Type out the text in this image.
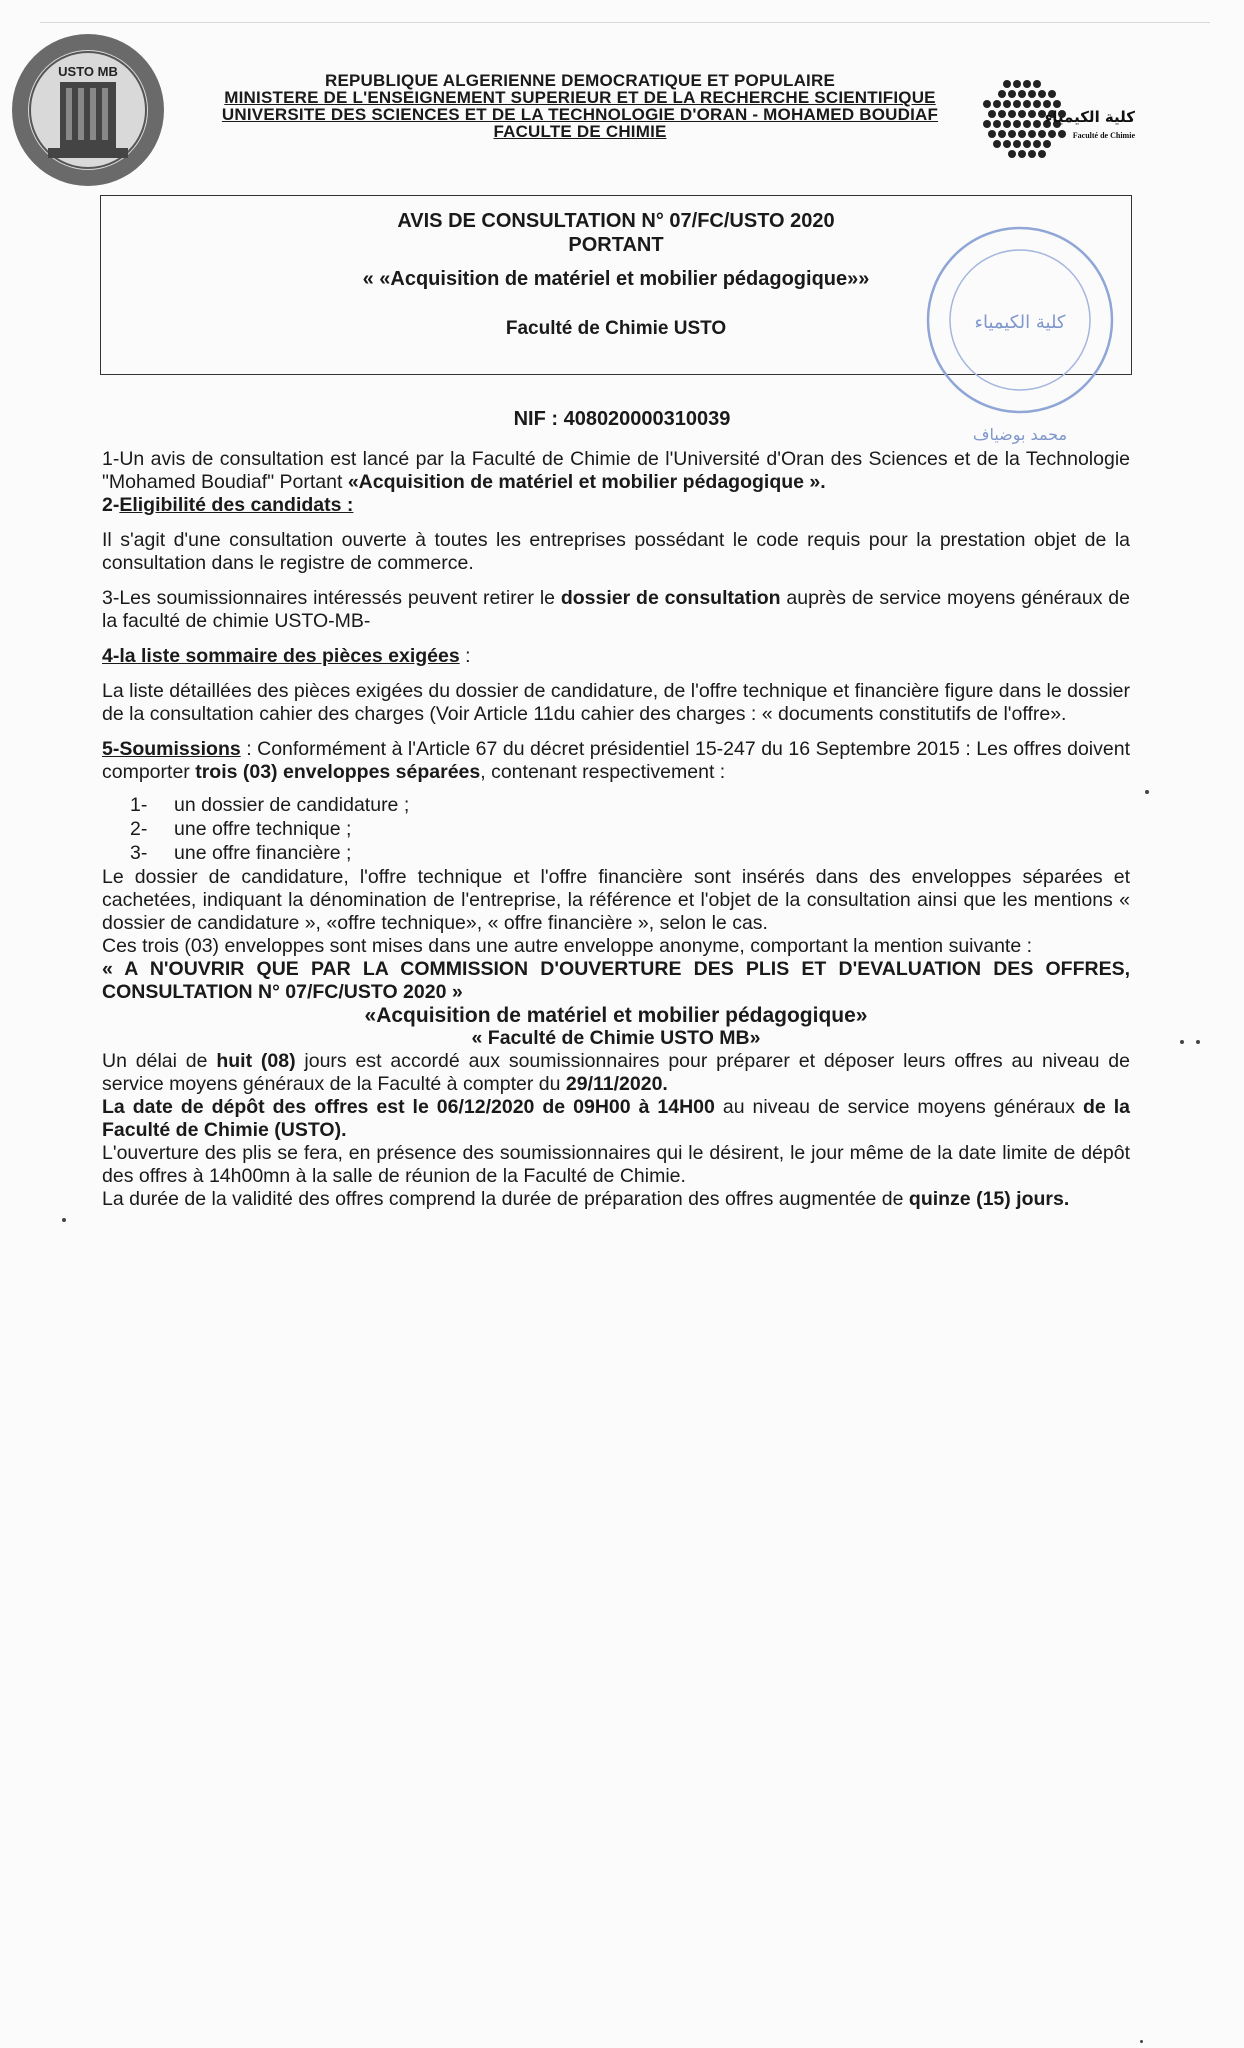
USTO MB
كلية الكيمياء
Faculté de Chimie
REPUBLIQUE ALGERIENNE DEMOCRATIQUE ET POPULAIRE
MINISTERE DE L'ENSEIGNEMENT SUPERIEUR ET DE LA RECHERCHE SCIENTIFIQUE
UNIVERSITE DES SCIENCES ET DE LA TECHNOLOGIE D'ORAN - MOHAMED BOUDIAF
FACULTE DE CHIMIE
AVIS DE CONSULTATION N° 07/FC/USTO 2020
PORTANT
« «Acquisition de matériel et mobilier pédagogique»»
Faculté de Chimie USTO	كلية الكيمياء
محمد بوضياف
NIF : 408020000310039

1-Un avis de consultation est lancé par la Faculté de Chimie de l'Université d'Oran des Sciences et de la Technologie "Mohamed Boudiaf" Portant «Acquisition de matériel et mobilier pédagogique ».

2-Eligibilité des candidats :

Il s'agit d'une consultation ouverte à toutes les entreprises possédant le code requis pour la prestation objet de la consultation dans le registre de commerce.

3-Les soumissionnaires intéressés peuvent retirer le dossier de consultation auprès de service moyens généraux de la faculté de chimie USTO-MB-

4-la liste sommaire des pièces exigées :

La liste détaillées des pièces exigées du dossier de candidature, de l'offre technique et financière figure dans le dossier de la consultation cahier des charges (Voir Article 11du cahier des charges : « documents constitutifs de l'offre».

5-Soumissions : Conformément à l'Article 67 du décret présidentiel 15-247 du 16 Septembre 2015 : Les offres doivent comporter trois (03) enveloppes séparées, contenant respectivement :

1- un dossier de candidature ;
2- une offre technique ;
3- une offre financière ;

Le dossier de candidature, l'offre technique et l'offre financière sont insérés dans des enveloppes séparées et cachetées, indiquant la dénomination de l'entreprise, la référence et l'objet de la consultation ainsi que les mentions « dossier de candidature », «offre technique», « offre financière », selon le cas.

Ces trois (03) enveloppes sont mises dans une autre enveloppe anonyme, comportant la mention suivante :

« A N'OUVRIR QUE PAR LA COMMISSION D'OUVERTURE DES PLIS ET D'EVALUATION DES OFFRES, CONSULTATION N° 07/FC/USTO 2020 »

«Acquisition de matériel et mobilier pédagogique»

« Faculté de Chimie USTO MB»

Un délai de huit (08) jours est accordé aux soumissionnaires pour préparer et déposer leurs offres au niveau de service moyens généraux de la Faculté à compter du 29/11/2020.

La date de dépôt des offres est le 06/12/2020 de 09H00 à 14H00 au niveau de service moyens généraux de la Faculté de Chimie (USTO).

L'ouverture des plis se fera, en présence des soumissionnaires qui le désirent, le jour même de la date limite de dépôt des offres à 14h00mn à la salle de réunion de la Faculté de Chimie.

La durée de la validité des offres comprend la durée de préparation des offres augmentée de quinze (15) jours.
